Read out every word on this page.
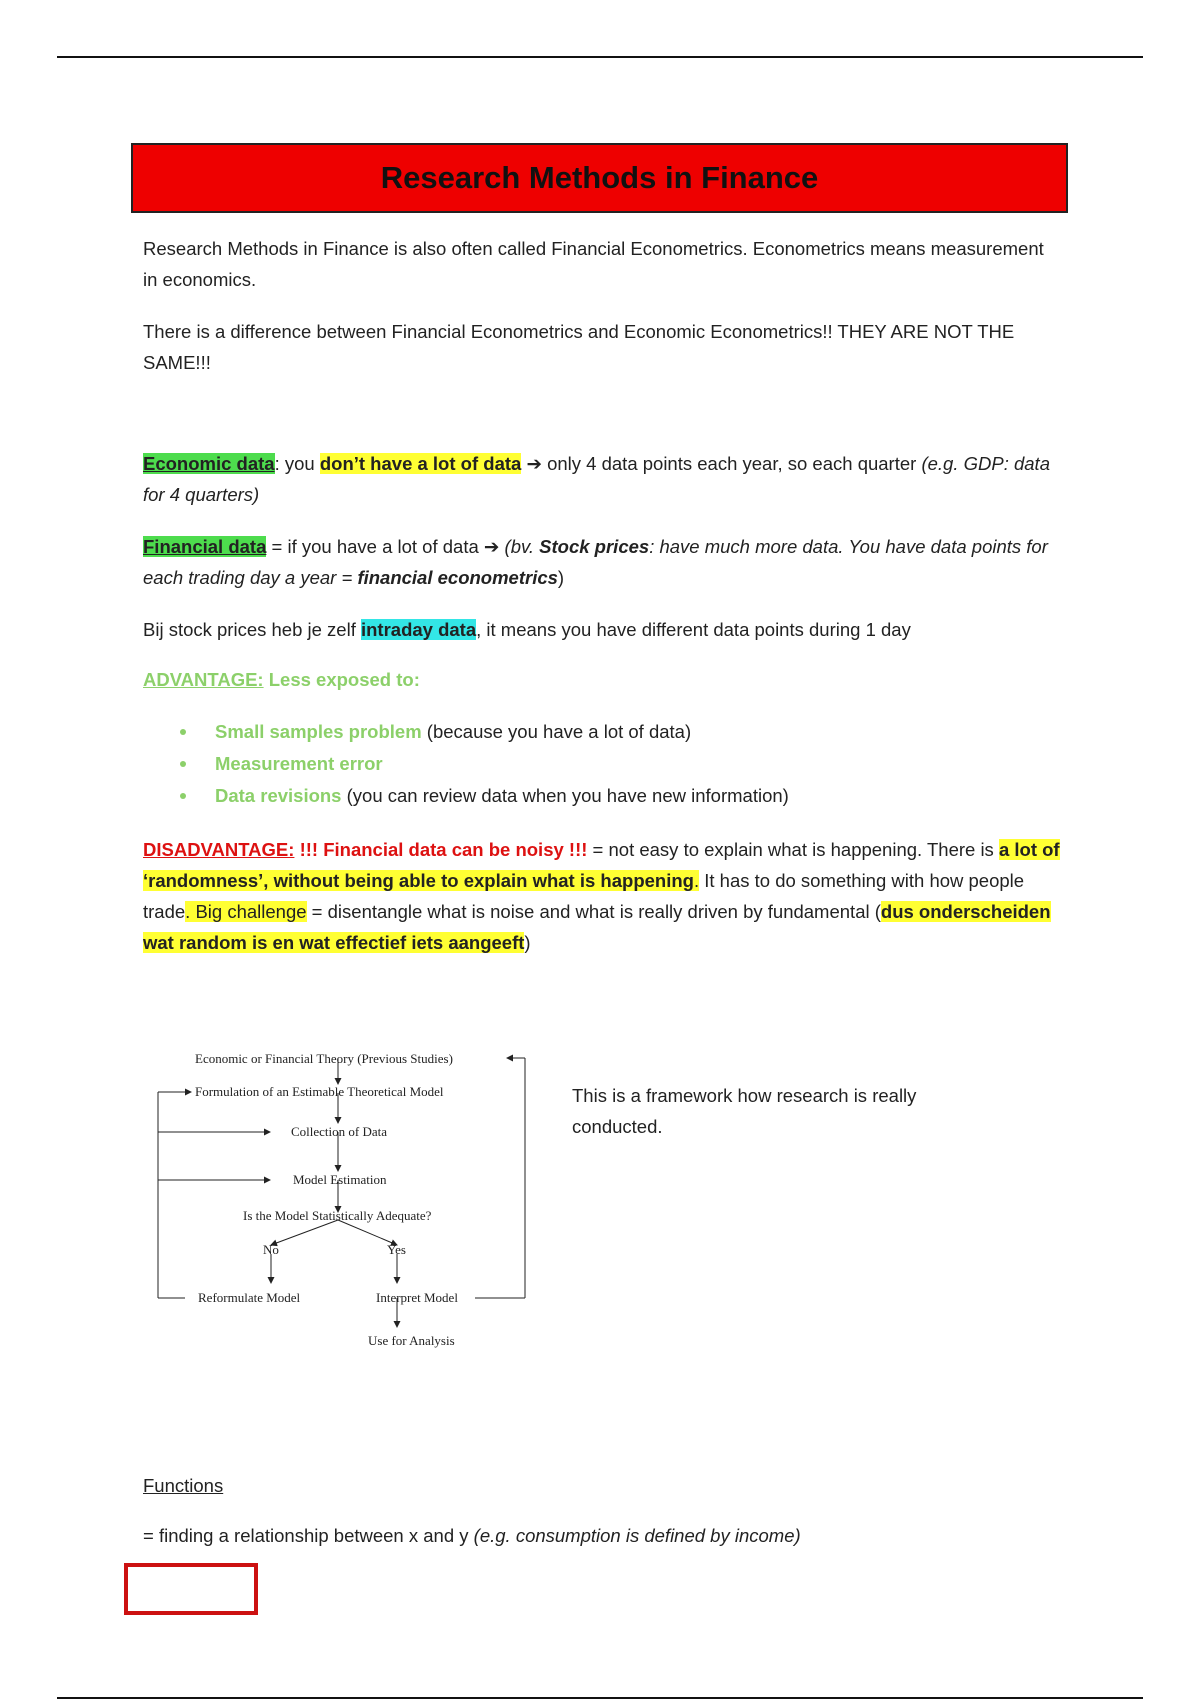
Research Methods in Finance

Research Methods in Finance is also often called Financial Econometrics. Econometrics means measurement in economics.

There is a difference between Financial Econometrics and Economic Econometrics!! THEY ARE NOT THE SAME!!!

Economic data: you don’t have a lot of data ➔ only 4 data points each year, so each quarter (e.g. GDP: data for 4 quarters)

Financial data = if you have a lot of data ➔ (bv. Stock prices: have much more data. You have data points for each trading day a year = financial econometrics)

Bij stock prices heb je zelf intraday data, it means you have different data points during 1 day

ADVANTAGE: Less exposed to:

Small samples problem (because you have a lot of data)
Measurement error
Data revisions (you can review data when you have new information)

DISADVANTAGE: !!! Financial data can be noisy !!! = not easy to explain what is happening. There is a lot of ‘randomness’, without being able to explain what is happening. It has to do something with how people trade. Big challenge = disentangle what is noise and what is really driven by fundamental (dus onderscheiden wat random is en wat effectief iets aangeeft)

Economic or Financial Theory (Previous Studies)
Formulation of an Estimable Theoretical Model
Collection of Data
Model Estimation
Is the Model Statistically Adequate?
No	Yes
Reformulate Model	Interpret Model
Use for Analysis

This is a framework how research is really conducted.

Functions

= finding a relationship between x and y (e.g. consumption is defined by income)
